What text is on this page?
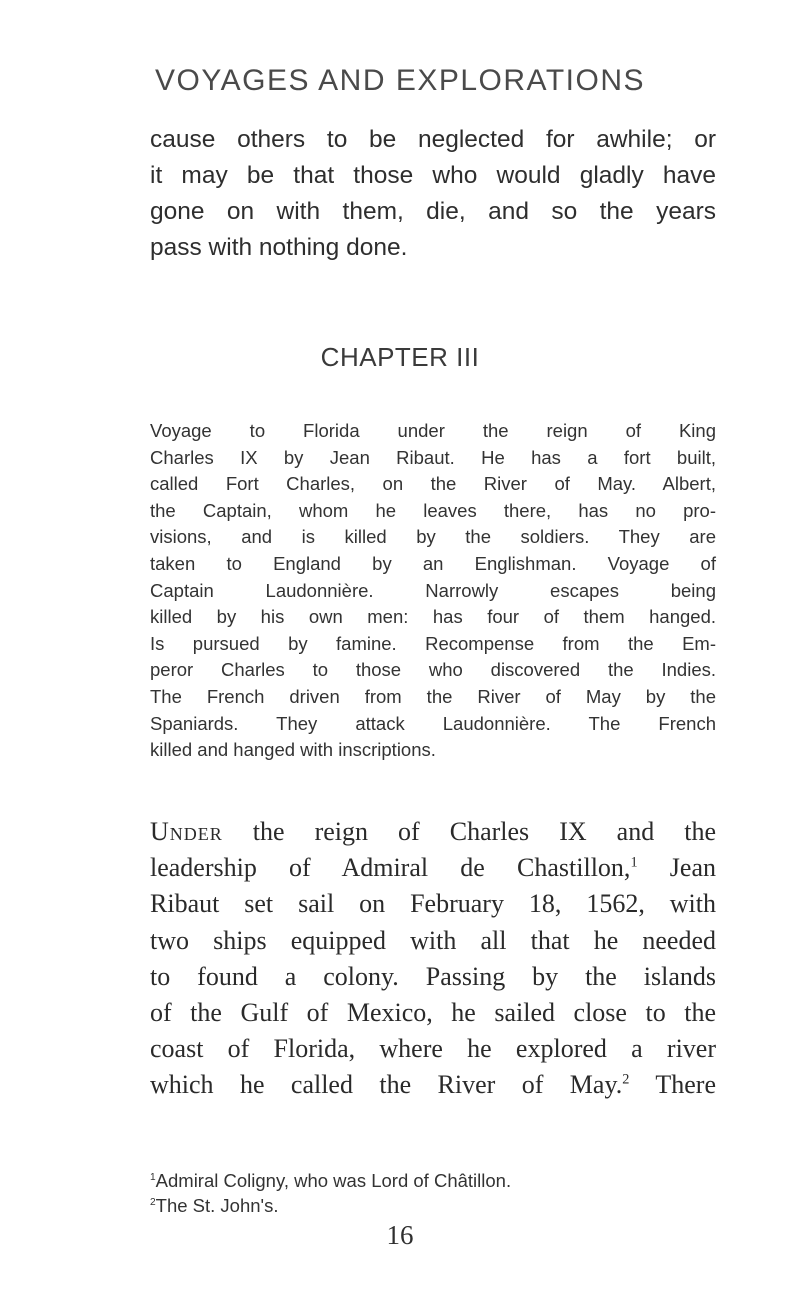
VOYAGES AND EXPLORATIONS

cause others to be neglected for awhile; or
it may be that those who would gladly have
gone on with them, die, and so the years
pass with nothing done.

CHAPTER III

Voyage to Florida under the reign of King
Charles IX by Jean Ribaut. He has a fort built,
called Fort Charles, on the River of May. Albert,
the Captain, whom he leaves there, has no pro-
visions, and is killed by the soldiers. They are
taken to England by an Englishman. Voyage of
Captain Laudonnière. Narrowly escapes being
killed by his own men: has four of them hanged.
Is pursued by famine. Recompense from the Em-
peror Charles to those who discovered the Indies.
The French driven from the River of May by the
Spaniards. They attack Laudonnière. The French
killed and hanged with inscriptions.

Under the reign of Charles IX and the
leadership of Admiral de Chastillon,$^1$ Jean
Ribaut set sail on February 18, 1562, with
two ships equipped with all that he needed
to found a colony. Passing by the islands
of the Gulf of Mexico, he sailed close to the
coast of Florida, where he explored a river
which he called the River of May.$^2$ There

$^1$Admiral Coligny, who was Lord of Châtillon.

$^2$The St. John's.

16
